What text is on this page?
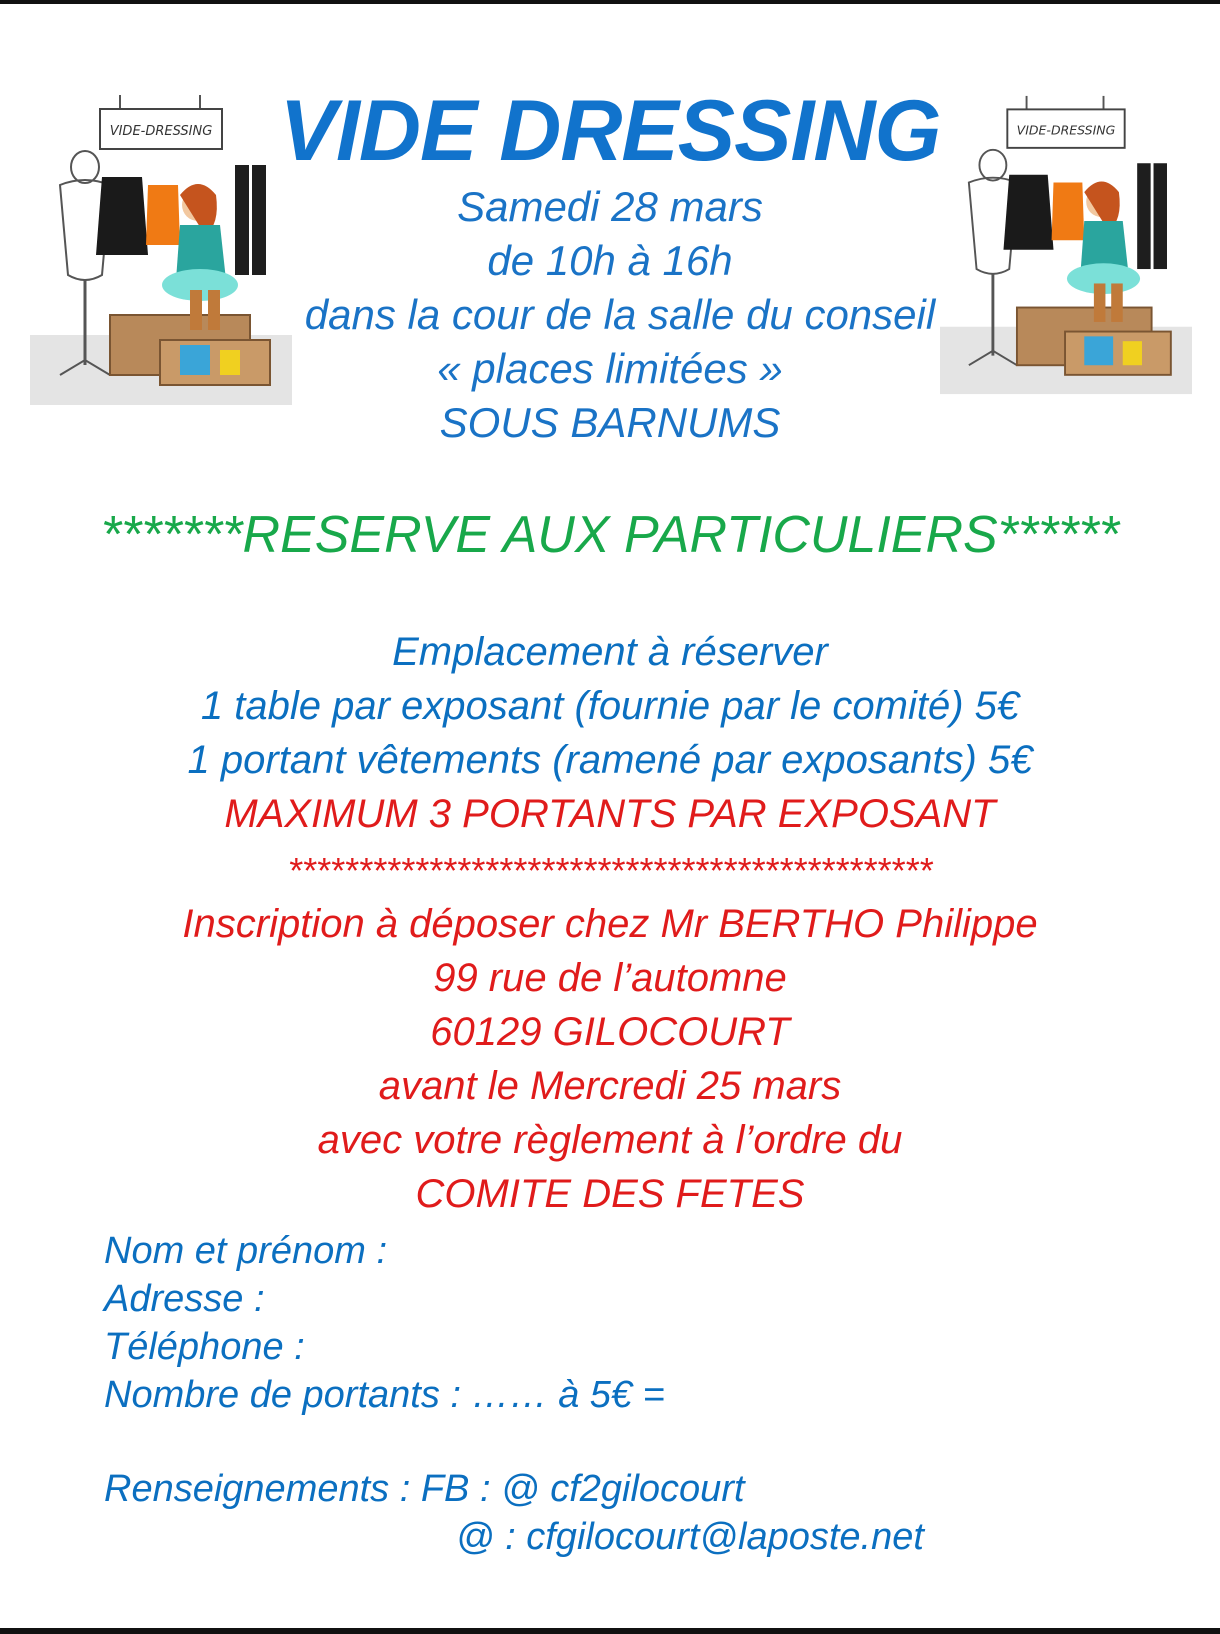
VIDE-DRESSING	VIDE-DRESSING
VIDE DRESSING
Samedi 28 mars
de 10h à 16h
dans la cour de la salle du conseil
« places limitées »
SOUS BARNUMS
*******RESERVE AUX PARTICULIERS******
Emplacement à réserver
1 table par exposant (fournie par le comité) 5€
1 portant vêtements (ramené par exposants) 5€
MAXIMUM 3 PORTANTS PAR EXPOSANT
**********************************************
Inscription à déposer chez Mr BERTHO Philippe
99 rue de l’automne
60129 GILOCOURT
avant le Mercredi 25 mars
avec votre règlement à l’ordre du
COMITE DES FETES
Nom et prénom :
Adresse :
Téléphone :
Nombre de portants : …… à 5€ =
Renseignements : FB : @ cf2gilocourt
@ : cfgilocourt@laposte.net
